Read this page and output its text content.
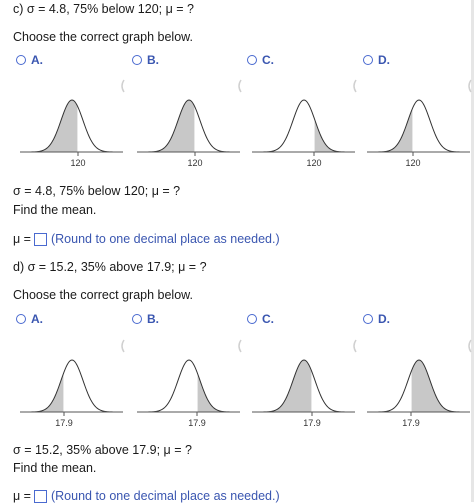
c) σ = 4.8, 75% below 120; μ = ?
Choose the correct graph below.
A.	B.	C.	D.
120	120	120	120
σ = 4.8, 75% below 120; μ = ?
Find the mean.
μ = (Round to one decimal place as needed.)
d) σ = 15.2, 35% above 17.9; μ = ?
Choose the correct graph below.
A.	B.	C.	D.
17.9	17.9	17.9	17.9
σ = 15.2, 35% above 17.9; μ = ?
Find the mean.
μ = (Round to one decimal place as needed.)
